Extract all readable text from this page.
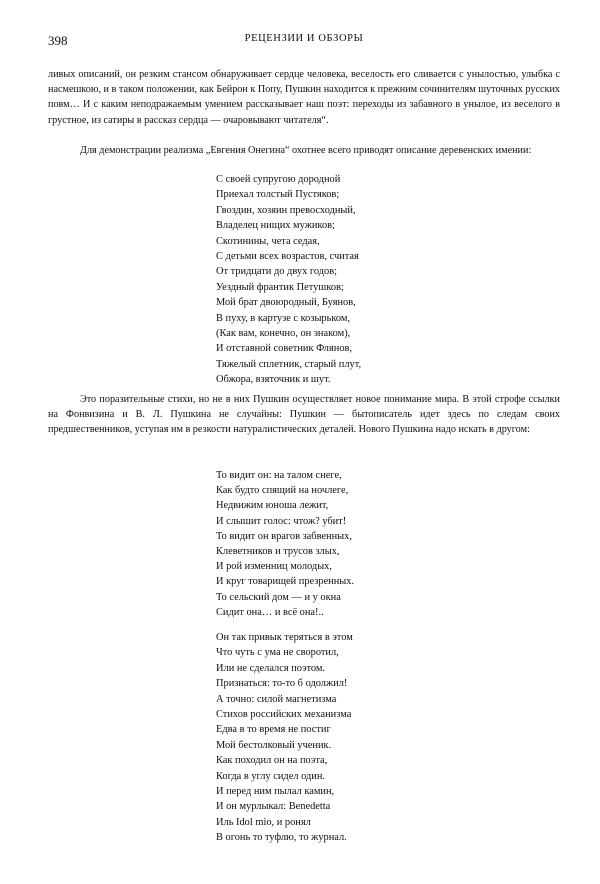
398	РЕЦЕНЗИИ И ОБЗОРЫ

ливых описаний, он резким стансом обнаруживает сердце человека, веселость его сливается с унылостью, улыбка с насмешкою, и в таком положении, как Бейрон к Попу, Пушкин находится к прежним сочинителям шуточных русских повм… И с каким неподражаемым умением рассказывает наш поэт: переходы из забавного в унылое, из веселого в грустное, из сатиры в рассказ сердца — очаровывают читателя“.

Для демонстрации реализма „Евгения Онегина“ охотнее всего приводят описание деревенских имении:

С своей супругою дородной
Приехал толстый Пустяков;
Гвоздин, хозяин превосходный,
Владелец нищих мужиков;
Скотинины, чета седая,
С детьми всех возрастов, считая
От тридцати до двух годов;
Уездный франтик Петушков;
Мой брат двоюродный, Буянов,
В пуху, в картузе с козырьком,
(Как вам, конечно, он знаком),
И отставной советник Флянов,
Тяжелый сплетник, старый плут,
Обжора, взяточник и шут.

Это поразительные стихи, но не в них Пушкин осуществляет новое понимание мира. В этой строфе ссылки на Фонвизина и В. Л. Пушкина не случайны: Пушкин — бытописатель идет здесь по следам своих предшественников, уступая им в резкости натуралистических деталей. Нового Пушкина надо искать в другом:

То видит он: на талом снеге,
Как будто спящий на ночлеге,
Недвижим юноша лежит,
И слышит голос: чтож? убит!
То видит он врагов забвенных,
Клеветников и трусов злых,
И рой изменниц молодых,
И круг товарищей презренных.
То сельский дом — и у окна
Сидит она… и всё она!..
Он так привык теряться в этом
Что чуть с ума не своротил,
Или не сделался поэтом.
Признаться: то-то б одолжил!
А точно: силой магнетизма
Стихов российских механизма
Едва в то время не постиг
Мой бестолковый ученик.
Как походил он на поэта,
Когда в углу сидел один.
И перед ним пылал камин,
И он мурлыкал: Benedetta
Иль Idol mio, и ронял
В огонь то туфлю, то журнал.
